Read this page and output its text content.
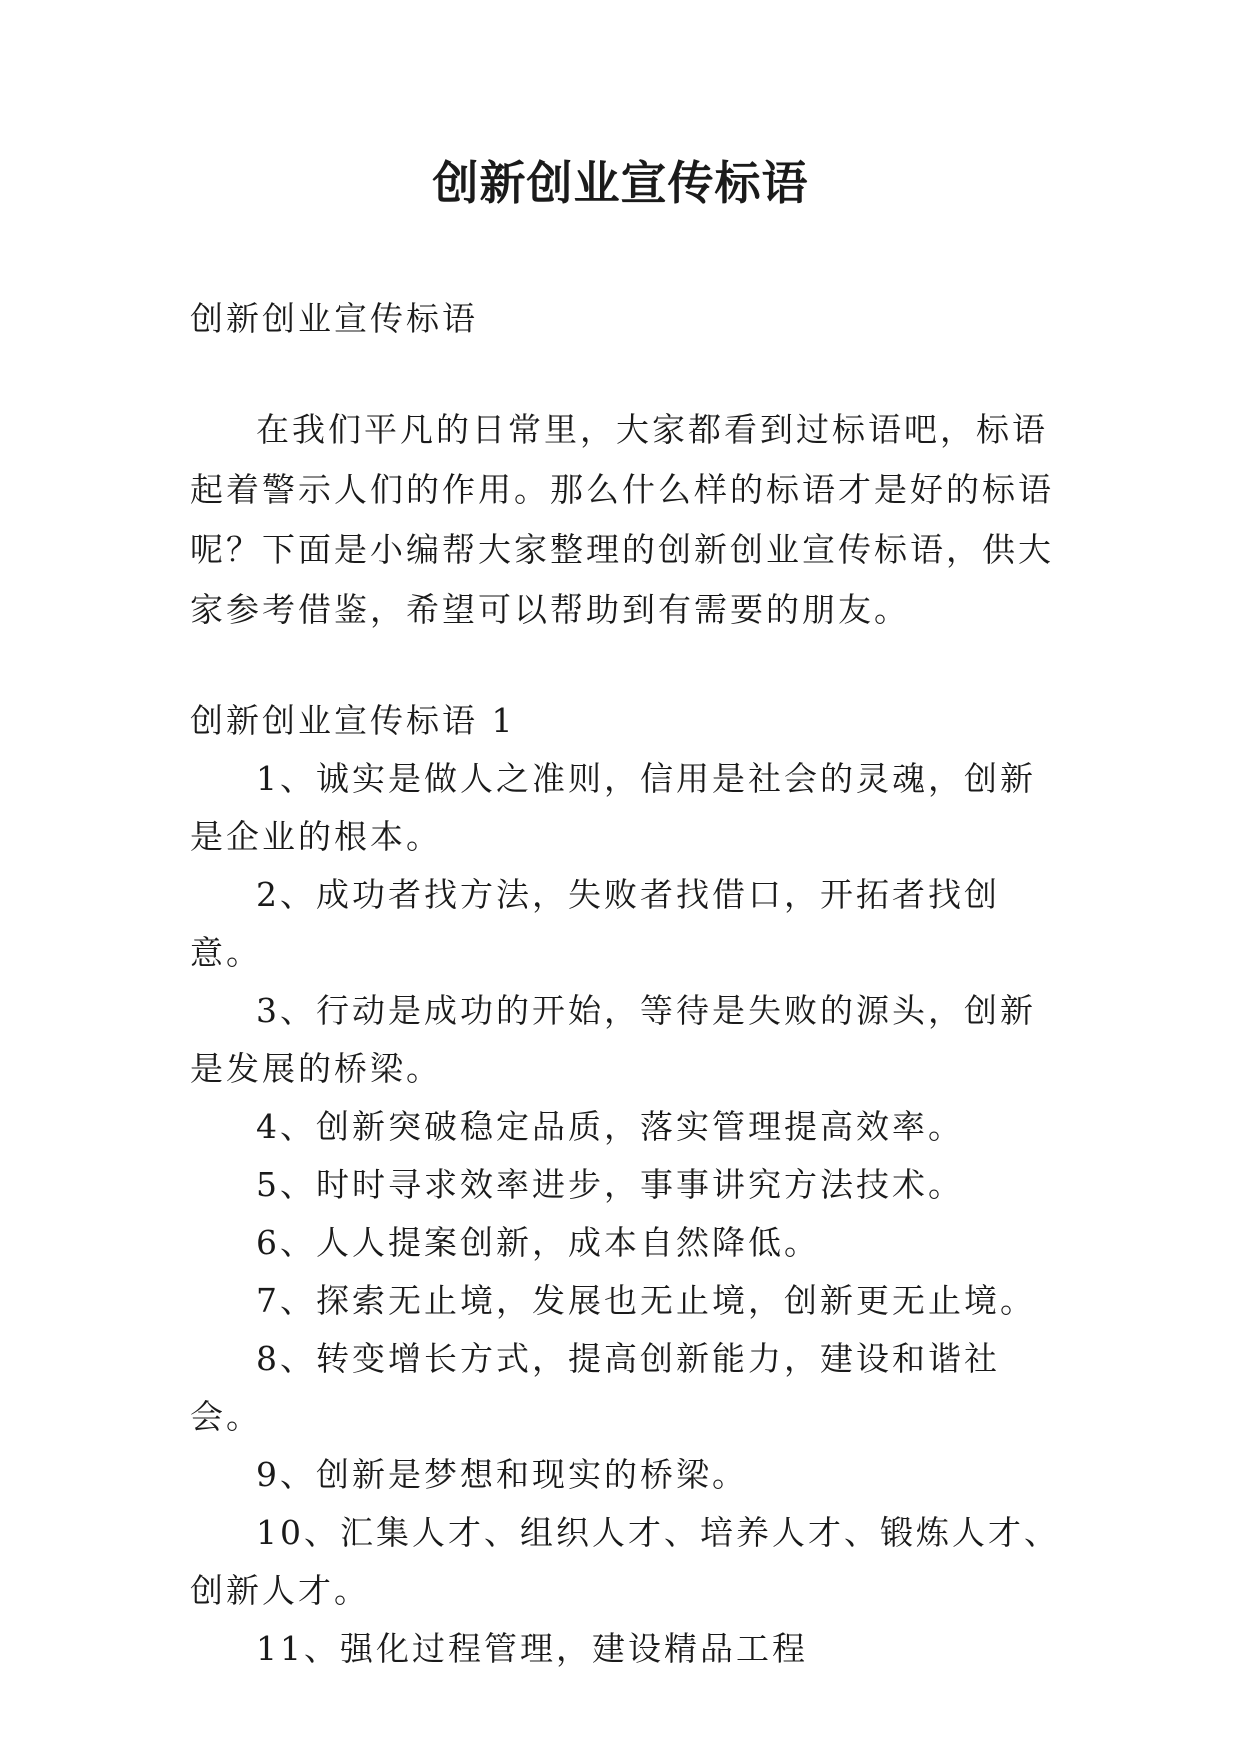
创新创业宣传标语

创新创业宣传标语

在我们平凡的日常里，大家都看到过标语吧，标语起着警示人们的作用。那么什么样的标语才是好的标语呢？下面是小编帮大家整理的创新创业宣传标语，供大家参考借鉴，希望可以帮助到有需要的朋友。

创新创业宣传标语 1

1、诚实是做人之准则，信用是社会的灵魂，创新是企业的根本。
2、成功者找方法，失败者找借口，开拓者找创意。
3、行动是成功的开始，等待是失败的源头，创新是发展的桥梁。
4、创新突破稳定品质，落实管理提高效率。
5、时时寻求效率进步，事事讲究方法技术。
6、人人提案创新，成本自然降低。
7、探索无止境，发展也无止境，创新更无止境。
8、转变增长方式，提高创新能力，建设和谐社会。
9、创新是梦想和现实的桥梁。
10、汇集人才、组织人才、培养人才、锻炼人才、创新人才。
11、强化过程管理，建设精品工程
